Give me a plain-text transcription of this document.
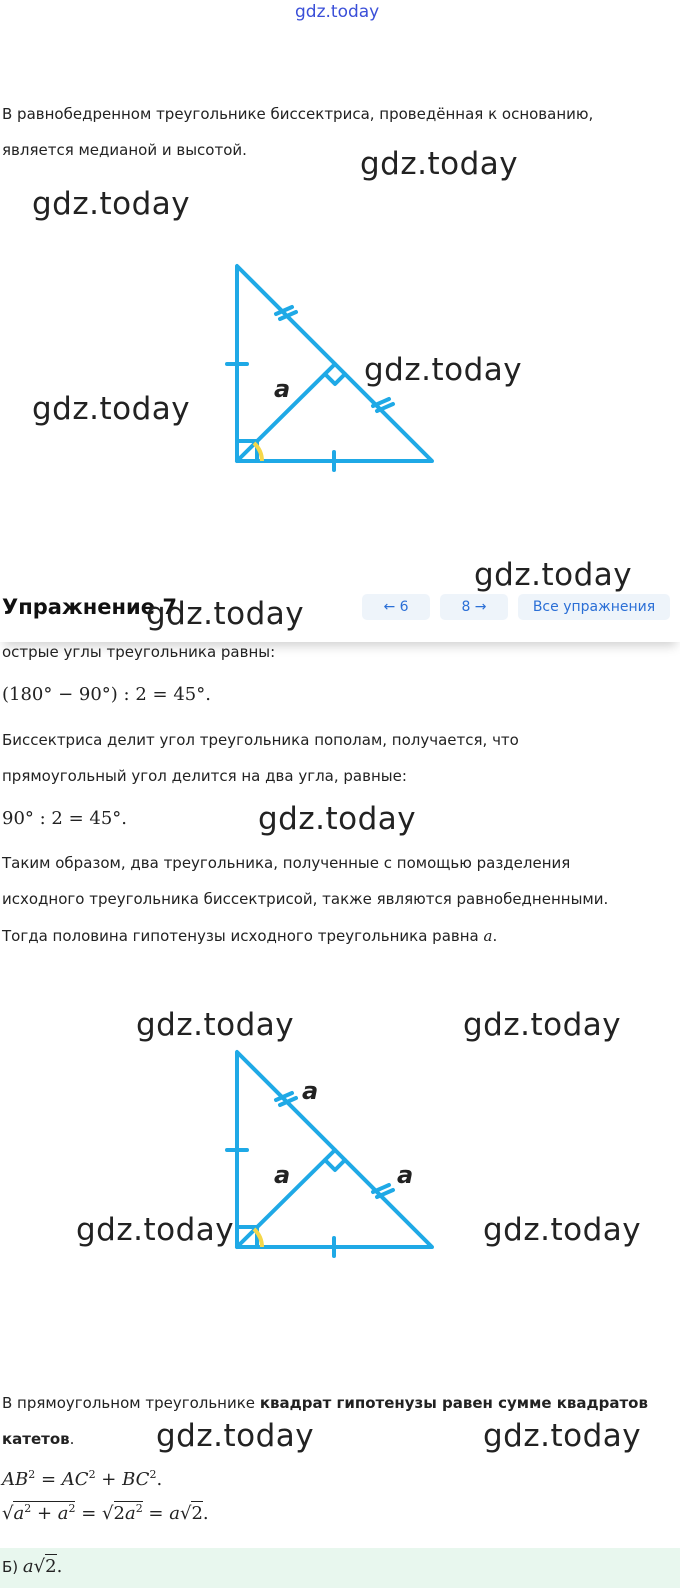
gdz.today
В равнобедренном треугольнике биссектриса, проведённая к основанию,
является медианой и высотой.
a
gdz.today
gdz.today
gdz.today
gdz.today
Упражнение 7	← 6	8 →	Все упражнения
gdz.today
gdz.today
острые углы треугольника равны:
(180° − 90°) : 2 = 45°.
Биссектриса делит угол треугольника пополам, получается, что
прямоугольный угол делится на два угла, равные:
90° : 2 = 45°.	gdz.today
Таким образом, два треугольника, полученные с помощью разделения
исходного треугольника биссектрисой, также являются равнобедненными.
Тогда половина гипотенузы исходного треугольника равна a.
a
a	a
gdz.today	gdz.today
gdz.today	gdz.today
В прямоугольном треугольнике квадрат гипотенузы равен сумме квадратов
катетов.	gdz.today	gdz.today
$AB^2 = AC^2 + BC^2$.
$√a^2 + a^2 = √2a^2 = a√2$.
Б) a√2.
